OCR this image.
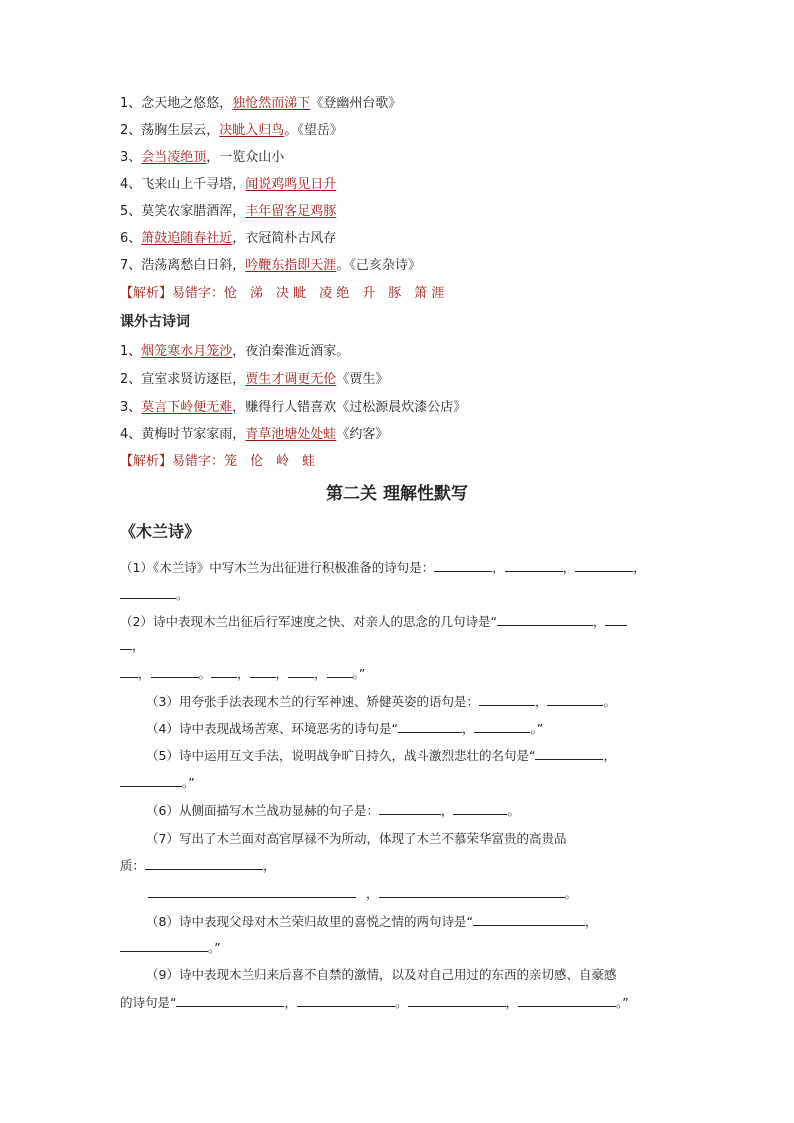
1、念天地之悠悠，独怆然而涕下《登幽州台歌》
2、荡胸生层云，决眦入归鸟。《望岳》
3、会当凌绝顶，一览众山小
4、飞来山上千寻塔，闻说鸡鸣见日升
5、莫笑农家腊酒浑，丰年留客足鸡豚
6、箫鼓追随春社近，衣冠简朴古风存
7、浩荡离愁白日斜，吟鞭东指即天涯。《己亥杂诗》
【解析】易错字：怆　涕　决 眦　凌 绝　升　豚　箫 涯
课外古诗词
1、烟笼寒水月笼沙，夜泊秦淮近酒家。
2、宣室求贤访逐臣，贾生才调更无伦《贾生》
3、莫言下岭便无难，赚得行人错喜欢《过松源晨炊漆公店》
4、黄梅时节家家雨，青草池塘处处蛙《约客》
【解析】易错字：笼　伦　岭　蛙
第二关 理解性默写
《木兰诗》
（1）《木兰诗》中写木兰为出征进行积极准备的诗句是：	，	，	，
。
（2）诗中表现木兰出征后行军速度之快、对亲人的思念的几句诗是“	，
，
，	。 ， ， ， 。”
（3）用夸张手法表现木兰的行军神速、矫健英姿的语句是：	，	。
（4）诗中表现战场苦寒、环境恶劣的诗句是“	，	。”
（5）诗中运用互文手法，说明战争旷日持久，战斗激烈悲壮的名句是“	，
。”
（6）从侧面描写木兰战功显赫的句子是：	，	。
（7）写出了木兰面对高官厚禄不为所动，体现了木兰不慕荣华富贵的高贵品
质：	，
，	。
（8）诗中表现父母对木兰荣归故里的喜悦之情的两句诗是“	，
。”
（9）诗中表现木兰归来后喜不自禁的激情，以及对自己用过的东西的亲切感、自豪感
的诗句是“	，	。	，	。”
